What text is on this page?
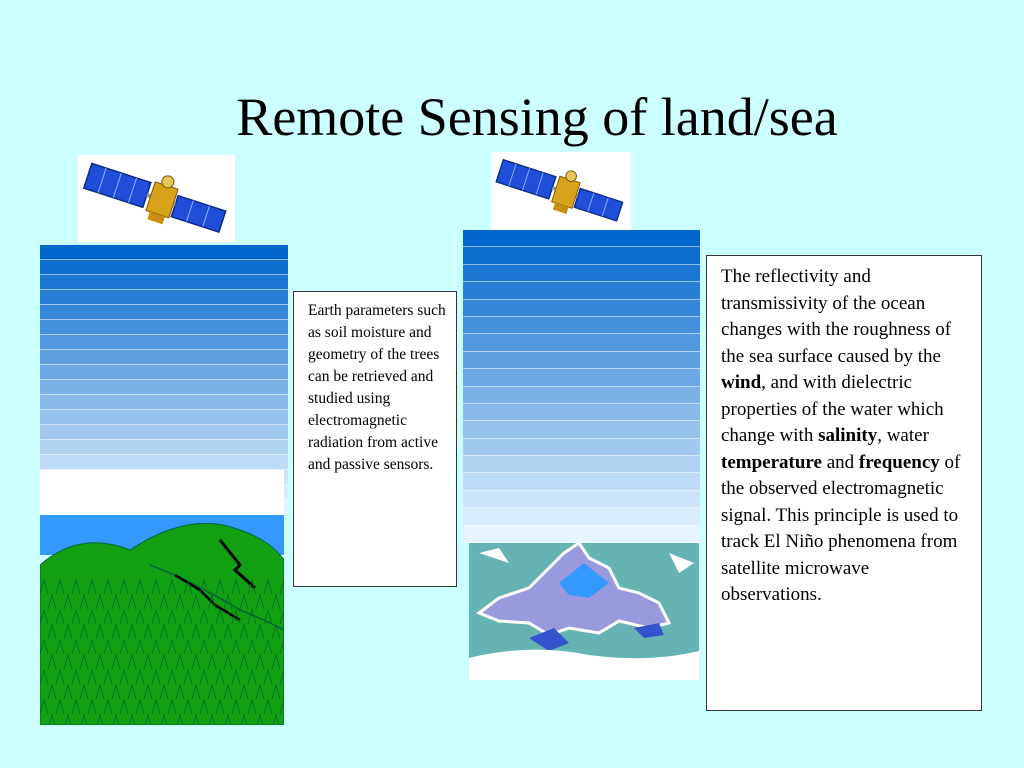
Remote Sensing of land/sea
Earth parameters such as soil moisture and geometry of the trees can be retrieved and studied using electromagnetic radiation from active and passive sensors.
The reflectivity and transmissivity of the ocean changes with the roughness of the sea surface caused by the wind, and with dielectric properties of the water which change with salinity, water temperature and frequency of the observed electromagnetic signal. This principle is used to track El Niño phenomena from satellite microwave observations.
